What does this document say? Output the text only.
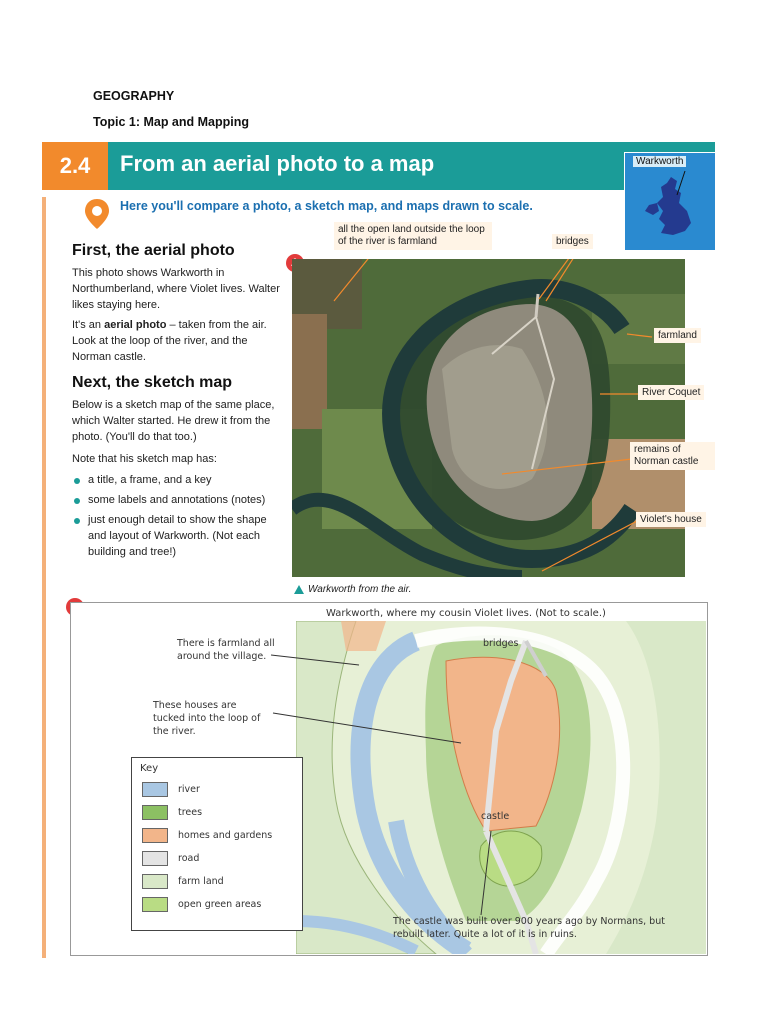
GEOGRAPHY
Topic 1: Map and Mapping
2.4	From an aerial photo to a map	Warkworth
Here you'll compare a photo, a sketch map, and maps drawn to scale.
First, the aerial photo
This photo shows Warkworth in Northumberland, where Violet lives. Walter likes staying here.
It's an aerial photo – taken from the air. Look at the loop of the river, and the Norman castle.
Next, the sketch map
Below is a sketch map of the same place, which Walter started. He drew it from the photo. (You'll do that too.)
Note that his sketch map has:
a title, a frame, and a key
some labels and annotations (notes)
just enough detail to show the shape and layout of Warkworth. (Not each building and tree!)
all the open land outside the loop of the river is farmland	bridges
farmland
River Coquet
remains of Norman castle
Violet's house
Warkworth from the air.
Warkworth, where my cousin Violet lives. (Not to scale.)
There is farmland all around the village.
These houses are tucked into the loop of the river.
bridges
castle
The castle was built over 900 years ago by Normans, but rebuilt later. Quite a lot of it is in ruins.
Key
river
trees
homes and gardens
road
farm land
open green areas
